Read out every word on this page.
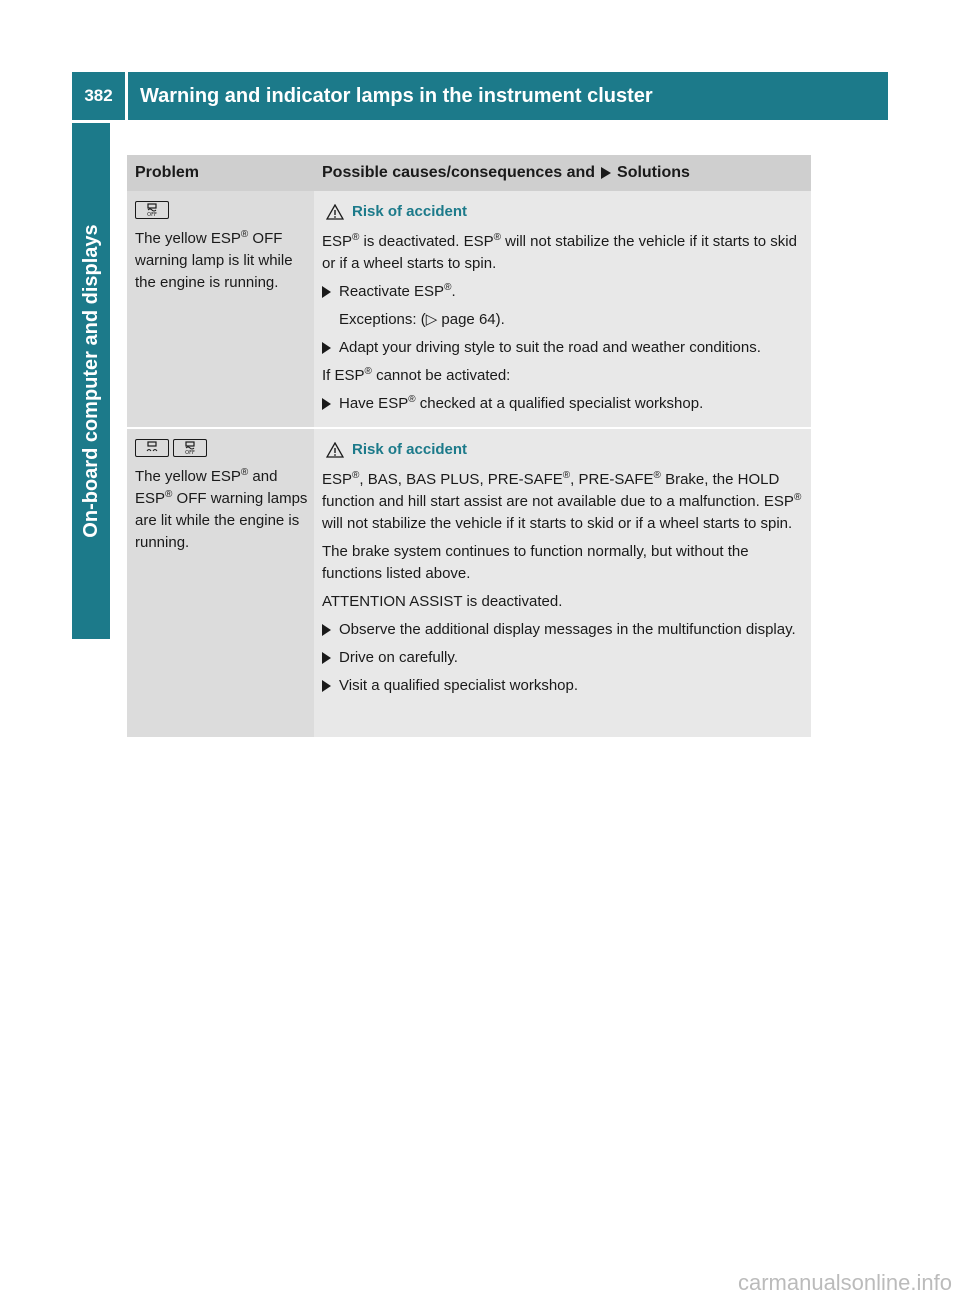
382	Warning and indicator lamps in the instrument cluster
On-board computer and displays
Problem	Possible causes/consequences and Solutions
OFF
The yellow ESP® OFF warning lamp is lit while the engine is running.
Risk of accident

ESP® is deactivated. ESP® will not stabilize the vehicle if it starts to skid or if a wheel starts to spin.

Reactivate ESP®.
Exceptions: (▷ page 64).
Adapt your driving style to suit the road and weather conditions.

If ESP® cannot be activated:

Have ESP® checked at a qualified specialist workshop.
OFF
The yellow ESP® and
ESP® OFF warning lamps are lit while the engine is running.
Risk of accident

ESP®, BAS, BAS PLUS, PRE-SAFE®, PRE-SAFE® Brake, the HOLD function and hill start assist are not available due to a malfunction. ESP® will not stabilize the vehicle if it starts to skid or if a wheel starts to spin.

The brake system continues to function normally, but without the functions listed above.

ATTENTION ASSIST is deactivated.

Observe the additional display messages in the multifunction display.
Drive on carefully.
Visit a qualified specialist workshop.
carmanualsonline.info
